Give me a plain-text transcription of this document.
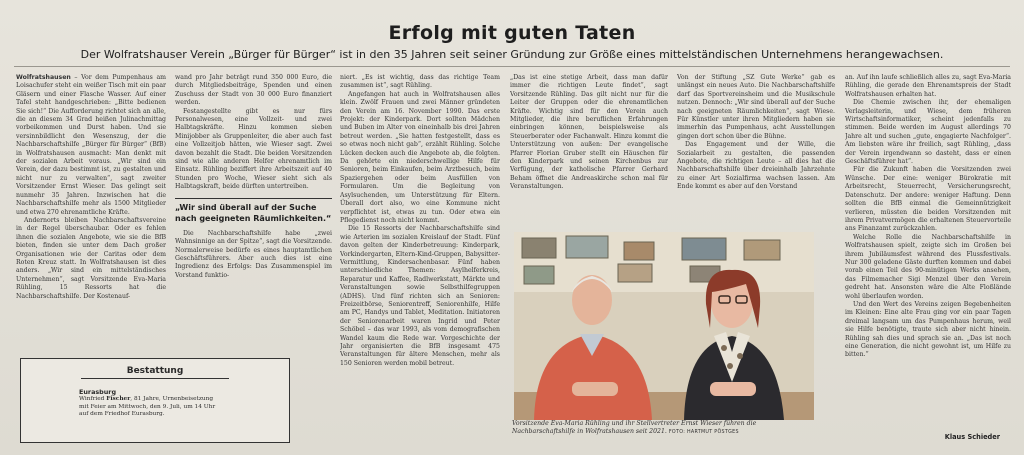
Erfolg mit guten Taten
Der Wolfratshauser Verein „Bürger für Bürger“ ist in den 35 Jahren seit seiner Gründung zur Größe eines mittelständischen Unternehmens herangewachsen.

Wolfratshausen – Vor dem Pumpenhaus am Loisachufer steht ein weißer Tisch mit ein paar Gläsern und einer Flasche Wasser. Auf einer Tafel steht handgeschrieben: „Bitte bedienen Sie sich!“ Die Aufforderung richtet sich an alle, die an diesem 34 Grad heißen Julinachmittag vorbeikommen und Durst haben. Und sie versinnbildlicht den Wesenszug, der die Nachbarschaftshilfe „Bürger für Bürger“ (BfB) in Wolfratshausen ausmacht: Man denkt mit der sozialen Arbeit voraus. „Wir sind ein Verein, der dazu bestimmt ist, zu gestalten und nicht nur zu verwalten“, sagt zweiter Vorsitzender Ernst Wieser. Das gelingt seit nunmehr 35 Jahren. Inzwischen hat die Nachbarschaftshilfe mehr als 1500 Mitglieder und etwa 270 ehrenamtliche Kräfte.

Andernorts bleiben Nachbarschaftsvereine in der Regel überschaubar. Oder es fehlen ihnen die sozialen Angebote, wie sie die BfB bieten, finden sie unter dem Dach großer Organisationen wie der Caritas oder dem Roten Kreuz statt. In Wolfratshausen ist dies anders. „Wir sind ein mittelständisches Unternehmen“, sagt Vorsitzende Eva-Maria Rühling, 15 Ressorts hat die Nachbarschaftshilfe. Der Kostenauf-

wand pro Jahr beträgt rund 350 000 Euro, die durch Mitgliedsbeiträge, Spenden und einen Zuschuss der Stadt von 30 000 Euro finanziert werden.

Festangestellte gibt es nur fürs Personalwesen, eine Vollzeit- und zwei Halbtagskräfte. Hinzu kommen sieben Minijobber als Gruppenleiter, die aber auch fast eine Vollzeitjob hätten, wie Wieser sagt. Zwei davon bezahlt die Stadt. Die beiden Vorsitzenden sind wie alle anderen Helfer ehrenamtlich im Einsatz. Rühling beziffert ihre Arbeitszeit auf 40 Stunden pro Woche, Wieser sieht sich als Halbtagskraft, beide dürften untertreiben.

„Wir sind überall auf der Suche nach geeigneten Räumlichkeiten.“

Die Nachbarschaftshilfe habe „zwei Wahnsinnige an der Spitze“, sagt die Vorsitzende. Normalerweise bedürfe es eines hauptamtlichen Geschäftsführers. Aber auch dies ist eine Ingredienz des Erfolgs: Das Zusammenspiel im Vorstand funktio-

niert. „Es ist wichtig, dass das richtige Team zusammen ist“, sagt Rühling.

Angefangen hat auch in Wolfratshausen alles klein. Zwölf Frauen und zwei Männer gründeten den Verein am 16. November 1990. Das erste Projekt: der Kinderpark. Dort sollten Mädchen und Buben im Alter von eineinhalb bis drei Jahren betreut werden. „Sie hatten festgestellt, dass es so etwas noch nicht gab“, erzählt Rühling. Solche Lücken decken auch die Angebote ab, die folgten. Da gehörte ein niederschwellige Hilfe für Senioren, beim Einkaufen, beim Arztbesuch, beim Spaziergehen oder beim Ausfüllen von Formularen. Um die Begleitung von Asylsuchenden, um Unterstützung für Eltern. Überall dort also, wo eine Kommune nicht verpflichtet ist, etwas zu tun. Oder etwa ein Pflegedienst noch nicht kommt.

Die 15 Ressorts der Nachbarschaftshilfe sind wie Arterien im sozialen Kreislauf der Stadt. Fünf davon gelten der Kinderbetreuung: Kinderpark, Vorkindergarten, Eltern-Kind-Gruppen, Babysitter-Vermittlung, Kindersachenbasar. Fünf haben unterschiedliche Themen: Asylhelferkreis, Reparatur und Kaffee, Radlwerkstatt, Märkte und Veranstaltungen sowie Selbsthilfegruppen (ADHS). Und fünf richten sich an Senioren: Freizeitbörse, Seniorentreff, Seniorenhilfe, Hilfe am PC, Handys und Tablet, Meditation. Initiatoren der Seniorenarbeit waren Ingrid und Peter Schöbel – das war 1993, als vom demografischen Wandel kaum die Rede war. Vorgeschichte der Jahr organisierten die BfB insgesamt 475 Veranstaltungen für ältere Menschen, mehr als 150 Senioren werden mobil betreut.

„Das ist eine stetige Arbeit, dass man dafür immer die richtigen Leute findet“, sagt Vorsitzende Rühling. Das gilt nicht nur für die Leiter der Gruppen oder die ehrenamtlichen Kräfte. Wichtig sind für den Verein auch Mitglieder, die ihre beruflichen Erfahrungen einbringen können, beispielsweise als Steuerberater oder Fachanwalt. Hinzu kommt die Unterstützung von außen: Der evangelische Pfarrer Florian Gruber stellt ein Häuschen für den Kinderpark und seinen Kirchenbus zur Verfügung, der katholische Pfarrer Gerhard Beham öffnet die Andreaskirche schon mal für Veranstaltungen.

Von der Stiftung „SZ Gute Werke“ gab es unlängst ein neues Auto. Die Nachbarschaftshilfe darf das Sportvereinsheim und die Musikschule nutzen. Dennoch: „Wir sind überall auf der Suche nach geeigneten Räumlichkeiten“, sagt Wiese. Für Künstler unter ihren Mitgliedern haben sie immerhin das Pumpenhaus, acht Ausstellungen gingen dort schon über die Bühne.

Das Engagement und der Wille, die Sozialarbeit zu gestalten, die passenden Angebote, die richtigen Leute – all dies hat die Nachbarschaftshilfe über dreieinhalb Jahrzehnte zu einer Art Sozialfirma wachsen lassen. Am Ende kommt es aber auf den Vorstand

an. Auf ihn laufe schließlich alles zu, sagt Eva-Maria Rühling, die gerade den Ehrenamtspreis der Stadt Wolfratshausen erhalten hat.

Die Chemie zwischen ihr, der ehemaligen Verlagsleiterin, und Wiese, dem früheren Wirtschaftsinformatiker, scheint jedenfalls zu stimmen. Beide werden im August allerdings 70 Jahre alt und suchen „gute, engagierte Nachfolger“. Am liebsten wäre ihr freilich, sagt Rühling, „dass der Verein irgendwann so dasteht, dass er einen Geschäftsführer hat“.

Für die Zukunft haben die Vorsitzenden zwei Wünsche. Der eine: weniger Bürokratie mit Arbeitsrecht, Steuerrecht, Versicherungsrecht, Datenschutz. Der andere: weniger Haftung. Denn sollten die BfB einmal die Gemeinnützigkeit verlieren, müssten die beiden Vorsitzenden mit ihrem Privatvermögen die erhaltenen Steuervorteile ans Finanzamt zurückzahlen.

Welche Rolle die Nachbarschaftshilfe in Wolfratshausen spielt, zeigte sich im Großen bei ihrem Jubiläumsfest während des Flussfestivals. Nur 300 geladene Gäste durften kommen und dabei vorab einen Teil des 90-minütigen Werks ansehen, das Filmemacher Sigi Menzel über den Verein gedreht hat. Ansonsten wäre die Alte Floßlände wohl überlaufen worden.

Und den Wert des Vereins zeigen Begebenheiten im Kleinen: Eine alte Frau ging vor ein paar Tagen dreimal langsam um das Pumpenhaus herum, weil sie Hilfe benötigte, traute sich aber nicht hinein. Rühling sah dies und sprach sie an. „Das ist noch eine Generation, die nicht gewohnt ist, um Hilfe zu bitten.“

Klaus Schieder
Vorsitzende Eva-Maria Rühling und ihr Stellvertreter Ernst Wieser führen die Nachbarschaftshilfe in Wolfratshausen seit 2021. FOTO: HARTMUT PÖSTGES
Bestattung
Eurasburg
Winfried Fischer, 81 Jahre, Urnenbeisetzung mit Feier am Mittwoch, den 9. Juli, um 14 Uhr auf dem Friedhof Eurasburg.
